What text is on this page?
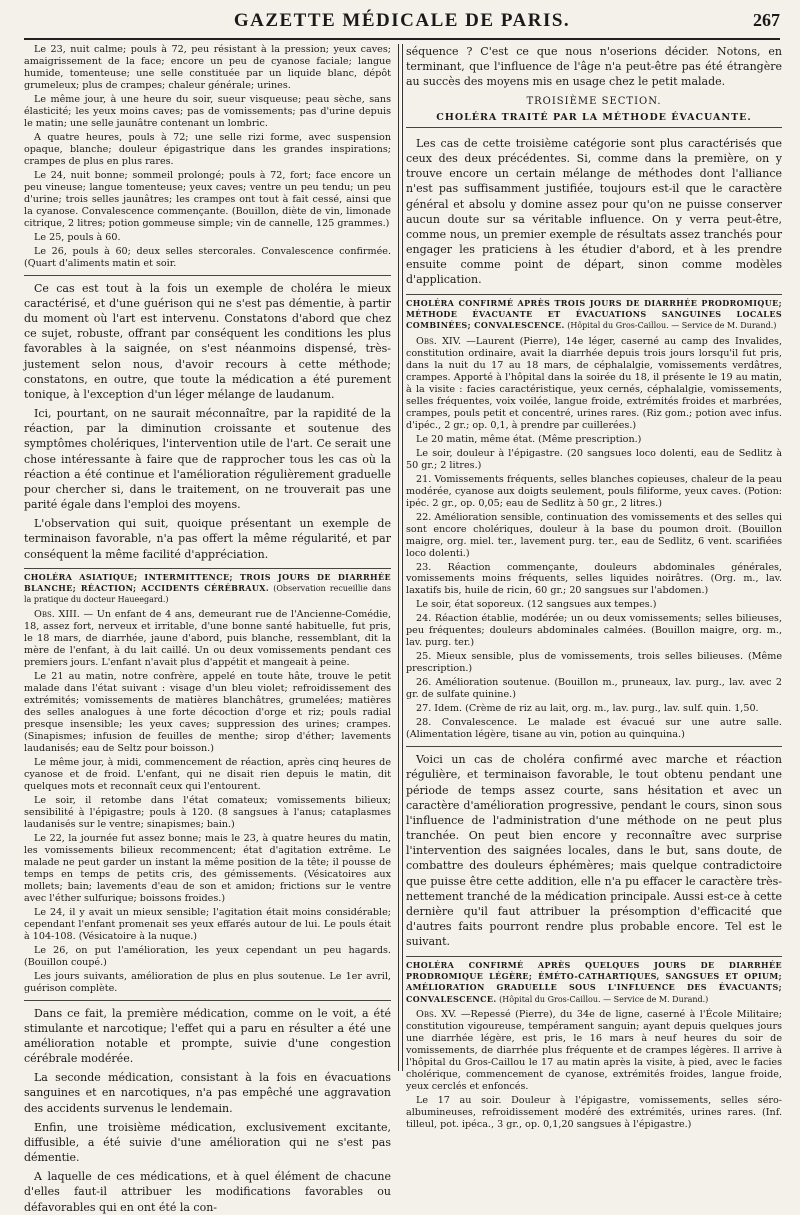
GAZETTE MÉDICALE DE PARIS.	267

Le 23, nuit calme; pouls à 72, peu résistant à la pression; yeux caves; amaigrissement de la face; encore un peu de cyanose faciale; langue humide, tomenteuse; une selle constituée par un liquide blanc, dépôt grumeleux; plus de crampes; chaleur générale; urines.

Le même jour, à une heure du soir, sueur visqueuse; peau sèche, sans élasticité; les yeux moins caves; pas de vomissements; pas d'urine depuis le matin; une selle jaunâtre contenant un lombric.

A quatre heures, pouls à 72; une selle rizi forme, avec suspension opaque, blanche; douleur épigastrique dans les grandes inspirations; crampes de plus en plus rares.

Le 24, nuit bonne; sommeil prolongé; pouls à 72, fort; face encore un peu vineuse; langue tomenteuse; yeux caves; ventre un peu tendu; un peu d'urine; trois selles jaunâtres; les crampes ont tout à fait cessé, ainsi que la cyanose. Convalescence commençante. (Bouillon, diète de vin, limonade citrique, 2 litres; potion gommeuse simple; vin de cannelle, 125 grammes.)

Le 25, pouls à 60.

Le 26, pouls à 60; deux selles stercorales. Convalescence confirmée. (Quart d'aliments matin et soir.

Ce cas est tout à la fois un exemple de choléra le mieux caractérisé, et d'une guérison qui ne s'est pas démentie, à partir du moment où l'art est intervenu. Constatons d'abord que chez ce sujet, robuste, offrant par conséquent les conditions les plus favorables à la saignée, on s'est néanmoins dispensé, très-justement selon nous, d'avoir recours à cette méthode; constatons, en outre, que toute la médication a été purement tonique, à l'exception d'un léger mélange de laudanum.

Ici, pourtant, on ne saurait méconnaître, par la rapidité de la réaction, par la diminution croissante et soutenue des symptômes cholériques, l'intervention utile de l'art. Ce serait une chose intéressante à faire que de rapprocher tous les cas où la réaction a été continue et l'amélioration régulièrement graduelle pour chercher si, dans le traitement, on ne trouverait pas une parité égale dans l'emploi des moyens.

L'observation qui suit, quoique présentant un exemple de terminaison favorable, n'a pas offert la même régularité, et par conséquent la même facilité d'appréciation.

CHOLÉRA ASIATIQUE; INTERMITTENCE; TROIS JOURS DE DIARRHÉE BLANCHE; RÉACTION; ACCIDENTS CÉRÉBRAUX. (Observation recueillie dans la pratique du docteur Haueegard.)

Obs. XIII. — Un enfant de 4 ans, demeurant rue de l'Ancienne-Comédie, 18, assez fort, nerveux et irritable, d'une bonne santé habituelle, fut pris, le 18 mars, de diarrhée, jaune d'abord, puis blanche, ressemblant, dit la mère de l'enfant, à du lait caillé. Un ou deux vomissements pendant ces premiers jours. L'enfant n'avait plus d'appétit et mangeait à peine.

Le 21 au matin, notre confrère, appelé en toute hâte, trouve le petit malade dans l'état suivant : visage d'un bleu violet; refroidissement des extrémités; vomissements de matières blanchâtres, grumelées; matières des selles analogues à une forte décoction d'orge et riz; pouls radial presque insensible; les yeux caves; suppression des urines; crampes. (Sinapismes; infusion de feuilles de menthe; sirop d'éther; lavements laudanisés; eau de Seltz pour boisson.)

Le même jour, à midi, commencement de réaction, après cinq heures de cyanose et de froid. L'enfant, qui ne disait rien depuis le matin, dit quelques mots et reconnaît ceux qui l'entourent.

Le soir, il retombe dans l'état comateux; vomissements bilieux; sensibilité à l'épigastre; pouls à 120. (8 sangsues à l'anus; cataplasmes laudanisés sur le ventre; sinapismes; bain.)

Le 22, la journée fut assez bonne; mais le 23, à quatre heures du matin, les vomissements bilieux recommencent; état d'agitation extrême. Le malade ne peut garder un instant la même position de la tête; il pousse de temps en temps de petits cris, des gémissements. (Vésicatoires aux mollets; bain; lavements d'eau de son et amidon; frictions sur le ventre avec l'éther sulfurique; boissons froides.)

Le 24, il y avait un mieux sensible; l'agitation était moins considérable; cependant l'enfant promenait ses yeux effarés autour de lui. Le pouls était à 104-108. (Vésicatoire à la nuque.)

Le 26, on put l'amélioration, les yeux cependant un peu hagards. (Bouillon coupé.)

Les jours suivants, amélioration de plus en plus soutenue. Le 1er avril, guérison complète.

Dans ce fait, la première médication, comme on le voit, a été stimulante et narcotique; l'effet qui a paru en résulter a été une amélioration notable et prompte, suivie d'une congestion cérébrale modérée.

La seconde médication, consistant à la fois en évacuations sanguines et en narcotiques, n'a pas empêché une aggravation des accidents survenus le lendemain.

Enfin, une troisième médication, exclusivement excitante, diffusible, a été suivie d'une amélioration qui ne s'est pas démentie.

A laquelle de ces médications, et à quel élément de chacune d'elles faut-il attribuer les modifications favorables ou défavorables qui en ont été la con-

séquence ? C'est ce que nous n'oserions décider. Notons, en terminant, que l'influence de l'âge n'a peut-être pas été étrangère au succès des moyens mis en usage chez le petit malade.

TROISIÈME SECTION.
CHOLÉRA TRAITÉ PAR LA MÉTHODE ÉVACUANTE.

Les cas de cette troisième catégorie sont plus caractérisés que ceux des deux précédentes. Si, comme dans la première, on y trouve encore un certain mélange de méthodes dont l'alliance n'est pas suffisamment justifiée, toujours est-il que le caractère général et absolu y domine assez pour qu'on ne puisse conserver aucun doute sur sa véritable influence. On y verra peut-être, comme nous, un premier exemple de résultats assez tranchés pour engager les praticiens à les étudier d'abord, et à les prendre ensuite comme point de départ, sinon comme modèles d'application.

CHOLÉRA CONFIRMÉ APRÈS TROIS JOURS DE DIARRHÉE PRODROMIQUE; MÉTHODE ÉVACUANTE ET ÉVACUATIONS SANGUINES LOCALES COMBINÉES; CONVALESCENCE. (Hôpital du Gros-Caillou. — Service de M. Durand.)

Obs. XIV. —Laurent (Pierre), 14e léger, caserné au camp des Invalides, constitution ordinaire, avait la diarrhée depuis trois jours lorsqu'il fut pris, dans la nuit du 17 au 18 mars, de céphalalgie, vomissements verdâtres, crampes. Apporté à l'hôpital dans la soirée du 18, il présente le 19 au matin, à la visite : facies caractéristique, yeux cernés, céphalalgie, vomissements, selles fréquentes, voix voilée, langue froide, extrémités froides et marbrées, crampes, pouls petit et concentré, urines rares. (Riz gom.; potion avec infus. d'ipéc., 2 gr.; op. 0,1, à prendre par cuillerées.)

Le 20 matin, même état. (Même prescription.)

Le soir, douleur à l'épigastre. (20 sangsues loco dolenti, eau de Sedlitz à 50 gr.; 2 litres.)

21. Vomissements fréquents, selles blanches copieuses, chaleur de la peau modérée, cyanose aux doigts seulement, pouls filiforme, yeux caves. (Potion: ipéc. 2 gr., op. 0,05; eau de Sedlitz à 50 gr., 2 litres.)

22. Amélioration sensible, continuation des vomissements et des selles qui sont encore cholériques, douleur à la base du poumon droit. (Bouillon maigre, org. miel. ter., lavement purg. ter., eau de Sedlitz, 6 vent. scarifiées loco dolenti.)

23. Réaction commençante, douleurs abdominales générales, vomissements moins fréquents, selles liquides noirâtres. (Org. m., lav. laxatifs bis, huile de ricin, 60 gr.; 20 sangsues sur l'abdomen.)

Le soir, état soporeux. (12 sangsues aux tempes.)

24. Réaction établie, modérée; un ou deux vomissements; selles bilieuses, peu fréquentes; douleurs abdominales calmées. (Bouillon maigre, org. m., lav. purg. ter.)

25. Mieux sensible, plus de vomissements, trois selles bilieuses. (Même prescription.)

26. Amélioration soutenue. (Bouillon m., pruneaux, lav. purg., lav. avec 2 gr. de sulfate quinine.)

27. Idem. (Crème de riz au lait, org. m., lav. purg., lav. sulf. quin. 1,50.

28. Convalescence. Le malade est évacué sur une autre salle. (Alimentation légère, tisane au vin, potion au quinquina.)

Voici un cas de choléra confirmé avec marche et réaction régulière, et terminaison favorable, le tout obtenu pendant une période de temps assez courte, sans hésitation et avec un caractère d'amélioration progressive, pendant le cours, sinon sous l'influence de l'administration d'une méthode on ne peut plus tranchée. On peut bien encore y reconnaître avec surprise l'intervention des saignées locales, dans le but, sans doute, de combattre des douleurs éphémères; mais quelque contradictoire que puisse être cette addition, elle n'a pu effacer le caractère très-nettement tranché de la médication principale. Aussi est-ce à cette dernière qu'il faut attribuer la présomption d'efficacité que d'autres faits pourront rendre plus probable encore. Tel est le suivant.

CHOLÉRA CONFIRMÉ APRÈS QUELQUES JOURS DE DIARRHÉE PRODROMIQUE LÉGÈRE; ÉMÉTO-CATHARTIQUES, SANGSUES ET OPIUM; AMÉLIORATION GRADUELLE SOUS L'INFLUENCE DES ÉVACUANTS; CONVALESCENCE. (Hôpital du Gros-Caillou. — Service de M. Durand.)

Obs. XV. —Repessé (Pierre), du 34e de ligne, caserné à l'École Militaire; constitution vigoureuse, tempérament sanguin; ayant depuis quelques jours une diarrhée légère, est pris, le 16 mars à neuf heures du soir de vomissements, de diarrhée plus fréquente et de crampes légères. Il arrive à l'hôpital du Gros-Caillou le 17 au matin après la visite, à pied, avec le facies cholérique, commencement de cyanose, extrémités froides, langue froide, yeux cerclés et enfoncés.

Le 17 au soir. Douleur à l'épigastre, vomissements, selles séro-albumineuses, refroidissement modéré des extrémités, urines rares. (Inf. tilleul, pot. ipéca., 3 gr., op. 0,1,20 sangsues à l'épigastre.)
